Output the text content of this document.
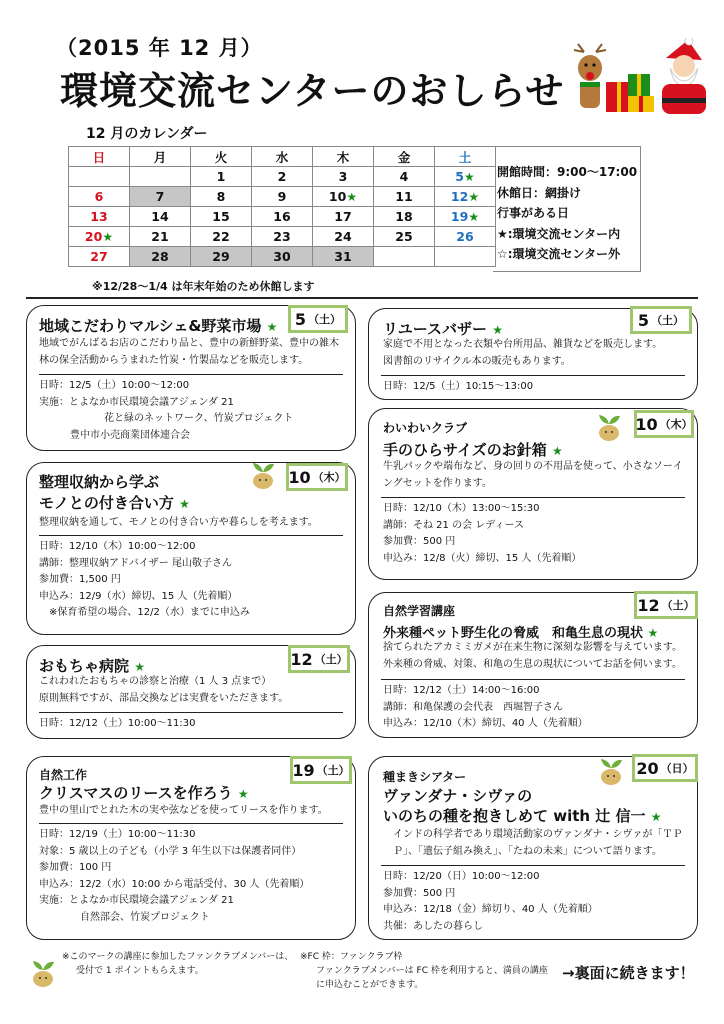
（2015 年 12 月）
環境交流センターのおしらせ
12 月のカレンダー
日	月	火	水	木	金	土
		1	2	3	4	5★
6	7	8	9	10★	11	12★
13	14	15	16	17	18	19★
20★	21	22	23	24	25	26
27	28	29	30	31		
開館時間：9:00～17:00
休館日：網掛け
行事がある日
★:環境交流センター内
☆:環境交流センター外
※12/28～1/4 は年末年始のため休館します
地域こだわりマルシェ&野菜市場 ★
地域でがんばるお店のこだわり品と、豊中の新鮮野菜、豊中の雑木
林の保全活動からうまれた竹炭・竹製品などを販売します。
日時：12/5（土）10:00～12:00
実施：とよなか市民環境会議アジェンダ 21
花と緑のネットワーク、竹炭プロジェクト
豊中市小売商業団体連合会
5 （土）
リユースバザー ★
家庭で不用となった衣類や台所用品、雑貨などを販売します。
図書館のリサイクル本の販売もあります。
日時：12/5（土）10:15～13:00
5 （土）
わいわいクラブ
手のひらサイズのお針箱 ★
牛乳パックや端布など、身の回りの不用品を使って、小さなソーイ
ングセットを作ります。
日時：12/10（木）13:00～15:30
講師：そね 21 の会 レディース
参加費：500 円
申込み：12/8（火）締切、15 人（先着順）
10 （木）
整理収納から学ぶ
モノとの付き合い方 ★
整理収納を通して、モノとの付き合い方や暮らしを考えます。
日時：12/10（木）10:00～12:00
講師：整理収納アドバイザー 尾山敬子さん
参加費：1,500 円
申込み：12/9（水）締切、15 人（先着順）
※保育希望の場合、12/2（水）までに申込み
10 （木）
自然学習講座
外来種ペット野生化の脅威　和亀生息の現状 ★
捨てられたアカミミガメが在来生物に深刻な影響を与えています。
外来種の脅威、対策、和亀の生息の現状についてお話を伺います。
日時：12/12（土）14:00～16:00
講師：和亀保護の会代表　西堀智子さん
申込み：12/10（木）締切、40 人（先着順）
12 （土）
おもちゃ病院 ★
これわれたおもちゃの診察と治療（1 人 3 点まで）
原則無料ですが、部品交換などは実費をいただきます。
日時：12/12（土）10:00～11:30
12 （土）
自然工作
クリスマスのリースを作ろう ★
豊中の里山でとれた木の実や弦などを使ってリースを作ります。
日時：12/19（土）10:00～11:30
対象：5 歳以上の子ども（小学 3 年生以下は保護者同伴）
参加費：100 円
申込み：12/2（水）10:00 から電話受付、30 人（先着順）
実施：とよなか市民環境会議アジェンダ 21
自然部会、竹炭プロジェクト
19 （土）	種まきシアター
ヴァンダナ・シヴァの
いのちの種を抱きしめて with 辻 信一 ★
インドの科学者であり環境活動家のヴァンダナ・シヴァが「ＴＰ
Ｐ」、「遺伝子組み換え」、「たねの未来」について語ります。
日時：12/20（日）10:00～12:00
参加費：500 円
申込み：12/18（金）締切り、40 人（先着順）
共催：あしたの暮らし
20 （日）
※このマークの講座に参加したファンクラブメンバーは、
受付で 1 ポイントもらえます。
※FC 枠：ファンクラブ枠
ファンクラブメンバーは FC 枠を利用すると、満員の講座
に申込むことができます。
→裏面に続きます！
